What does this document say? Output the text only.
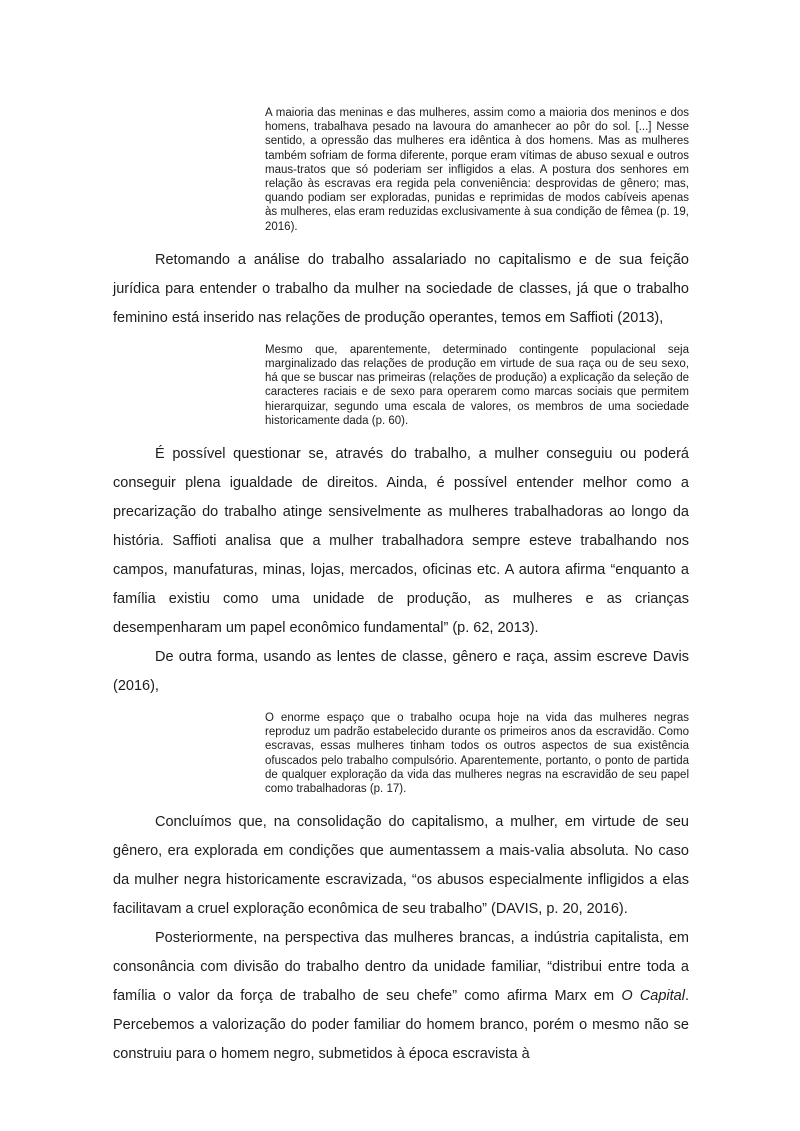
A maioria das meninas e das mulheres, assim como a maioria dos meninos e dos homens, trabalhava pesado na lavoura do amanhecer ao pôr do sol. [...] Nesse sentido, a opressão das mulheres era idêntica à dos homens. Mas as mulheres também sofriam de forma diferente, porque eram vítimas de abuso sexual e outros maus-tratos que só poderiam ser infligidos a elas. A postura dos senhores em relação às escravas era regida pela conveniência: desprovidas de gênero; mas, quando podiam ser exploradas, punidas e reprimidas de modos cabíveis apenas às mulheres, elas eram reduzidas exclusivamente à sua condição de fêmea (p. 19, 2016).

Retomando a análise do trabalho assalariado no capitalismo e de sua feição jurídica para entender o trabalho da mulher na sociedade de classes, já que o trabalho feminino está inserido nas relações de produção operantes, temos em Saffioti (2013),

Mesmo que, aparentemente, determinado contingente populacional seja marginalizado das relações de produção em virtude de sua raça ou de seu sexo, há que se buscar nas primeiras (relações de produção) a explicação da seleção de caracteres raciais e de sexo para operarem como marcas sociais que permitem hierarquizar, segundo uma escala de valores, os membros de uma sociedade historicamente dada (p. 60).

É possível questionar se, através do trabalho, a mulher conseguiu ou poderá conseguir plena igualdade de direitos. Ainda, é possível entender melhor como a precarização do trabalho atinge sensivelmente as mulheres trabalhadoras ao longo da história. Saffioti analisa que a mulher trabalhadora sempre esteve trabalhando nos campos, manufaturas, minas, lojas, mercados, oficinas etc. A autora afirma “enquanto a família existiu como uma unidade de produção, as mulheres e as crianças desempenharam um papel econômico fundamental” (p. 62, 2013).

De outra forma, usando as lentes de classe, gênero e raça, assim escreve Davis (2016),

O enorme espaço que o trabalho ocupa hoje na vida das mulheres negras reproduz um padrão estabelecido durante os primeiros anos da escravidão. Como escravas, essas mulheres tinham todos os outros aspectos de sua existência ofuscados pelo trabalho compulsório. Aparentemente, portanto, o ponto de partida de qualquer exploração da vida das mulheres negras na escravidão de seu papel como trabalhadoras (p. 17).

Concluímos que, na consolidação do capitalismo, a mulher, em virtude de seu gênero, era explorada em condições que aumentassem a mais-valia absoluta. No caso da mulher negra historicamente escravizada, “os abusos especialmente infligidos a elas facilitavam a cruel exploração econômica de seu trabalho” (DAVIS, p. 20, 2016).

Posteriormente, na perspectiva das mulheres brancas, a indústria capitalista, em consonância com divisão do trabalho dentro da unidade familiar, “distribui entre toda a família o valor da força de trabalho de seu chefe” como afirma Marx em O Capital. Percebemos a valorização do poder familiar do homem branco, porém o mesmo não se construiu para o homem negro, submetidos à época escravista à
